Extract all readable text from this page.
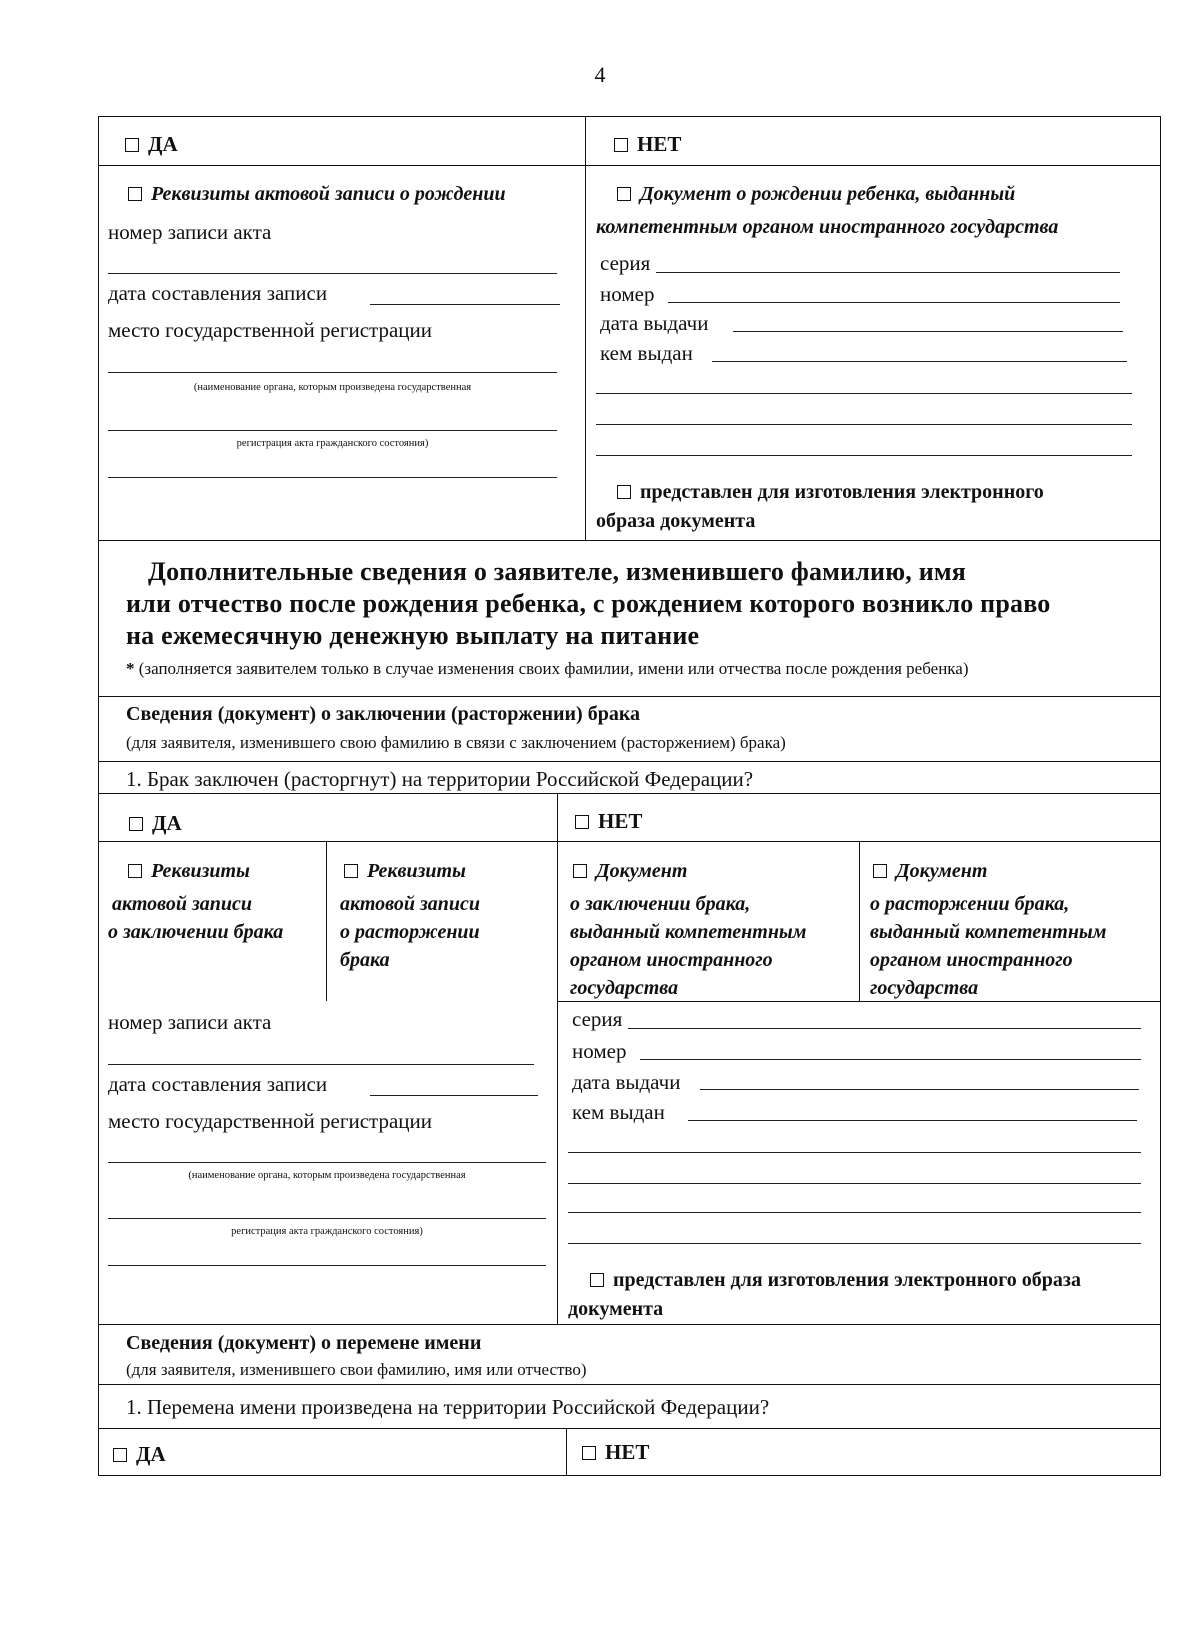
4
ДА	НЕТ
Реквизиты актовой записи о рождении
номер записи акта
дата составления записи
место государственной регистрации
(наименование органа, которым произведена государственная
регистрация акта гражданского состояния)
Документ о рождении ребенка, выданный
компетентным органом иностранного государства
серия
номер
дата выдачи
кем выдан
представлен для изготовления электронного
образа документа
Дополнительные сведения о заявителе, изменившего фамилию, имя
или отчество после рождения ребенка, с рождением которого возникло право
на ежемесячную денежную выплату на питание
* (заполняется заявителем только в случае изменения своих фамилии, имени или отчества после рождения ребенка)
Сведения (документ) о заключении (расторжении) брака
(для заявителя, изменившего свою фамилию в связи с заключением (расторжением) брака)
1. Брак заключен (расторгнут) на территории Российской Федерации?
ДА	НЕТ
Реквизиты
актовой записи
о заключении брака
Реквизиты
актовой записи
о расторжении
брака
Документ
о заключении брака,
выданный компетентным
органом иностранного
государства
Документ
о расторжении брака,
выданный компетентным
органом иностранного
государства
номер записи акта
дата составления записи
место государственной регистрации
(наименование органа, которым произведена государственная
регистрация акта гражданского состояния)
серия
номер
дата выдачи
кем выдан
представлен для изготовления электронного образа
документа
Сведения (документ) о перемене имени
(для заявителя, изменившего свои фамилию, имя или отчество)
1. Перемена имени произведена на территории Российской Федерации?
ДА	НЕТ
